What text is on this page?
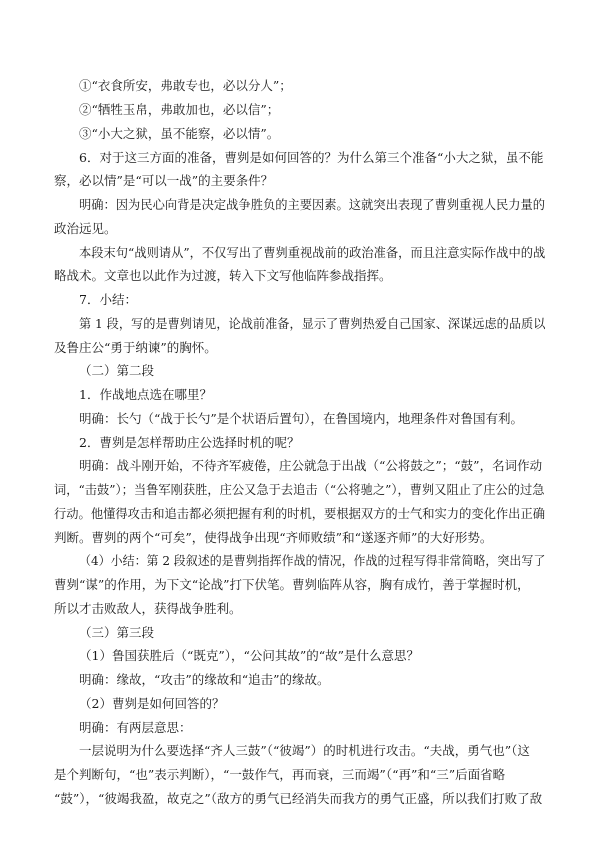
①“衣食所安，弗敢专也，必以分人”；
②“牺牲玉帛，弗敢加也，必以信”；
③“小大之狱，虽不能察，必以情”。
6．对于这三方面的准备，曹刿是如何回答的？为什么第三个准备“小大之狱，虽不能
察，必以情”是“可以一战”的主要条件？
明确：因为民心向背是决定战争胜负的主要因素。这就突出表现了曹刿重视人民力量的
政治远见。
本段末句“战则请从”，不仅写出了曹刿重视战前的政治准备，而且注意实际作战中的战
略战术。文章也以此作为过渡，转入下文写他临阵参战指挥。
7．小结：
第 1 段，写的是曹刿请见，论战前准备，显示了曹刿热爱自己国家、深谋远虑的品质以
及鲁庄公“勇于纳谏”的胸怀。
（二）第二段
1．作战地点选在哪里？
明确：长勺（“战于长勺”是个状语后置句），在鲁国境内，地理条件对鲁国有利。
2．曹刿是怎样帮助庄公选择时机的呢？
明确：战斗刚开始，不待齐军疲倦，庄公就急于出战（“公将鼓之”；“鼓”，名词作动
词，“击鼓”）；当鲁军刚获胜，庄公又急于去追击（“公将驰之”），曹刿又阻止了庄公的过急
行动。他懂得攻击和追击都必须把握有利的时机，要根据双方的士气和实力的变化作出正确
判断。曹刿的两个“可矣”，使得战争出现“齐师败绩”和“遂逐齐师”的大好形势。
（4）小结：第 2 段叙述的是曹刿指挥作战的情况，作战的过程写得非常简略，突出写了
曹刿“谋”的作用，为下文“论战”打下伏笔。曹刿临阵从容，胸有成竹，善于掌握时机，
所以才击败敌人，获得战争胜利。
（三）第三段
（1）鲁国获胜后（“既克”），“公问其故”的“故”是什么意思？
明确：缘故，“攻击”的缘故和“追击”的缘故。
（2）曹刿是如何回答的？
明确：有两层意思：
一层说明为什么要选择“齐人三鼓”（“彼竭”）的时机进行攻击。“夫战，勇气也”（这
是个判断句，“也”表示判断），“一鼓作气，再而衰，三而竭”（“再”和“三”后面省略
“鼓”），“彼竭我盈，故克之”（敌方的勇气已经消失而我方的勇气正盛，所以我们打败了敌
